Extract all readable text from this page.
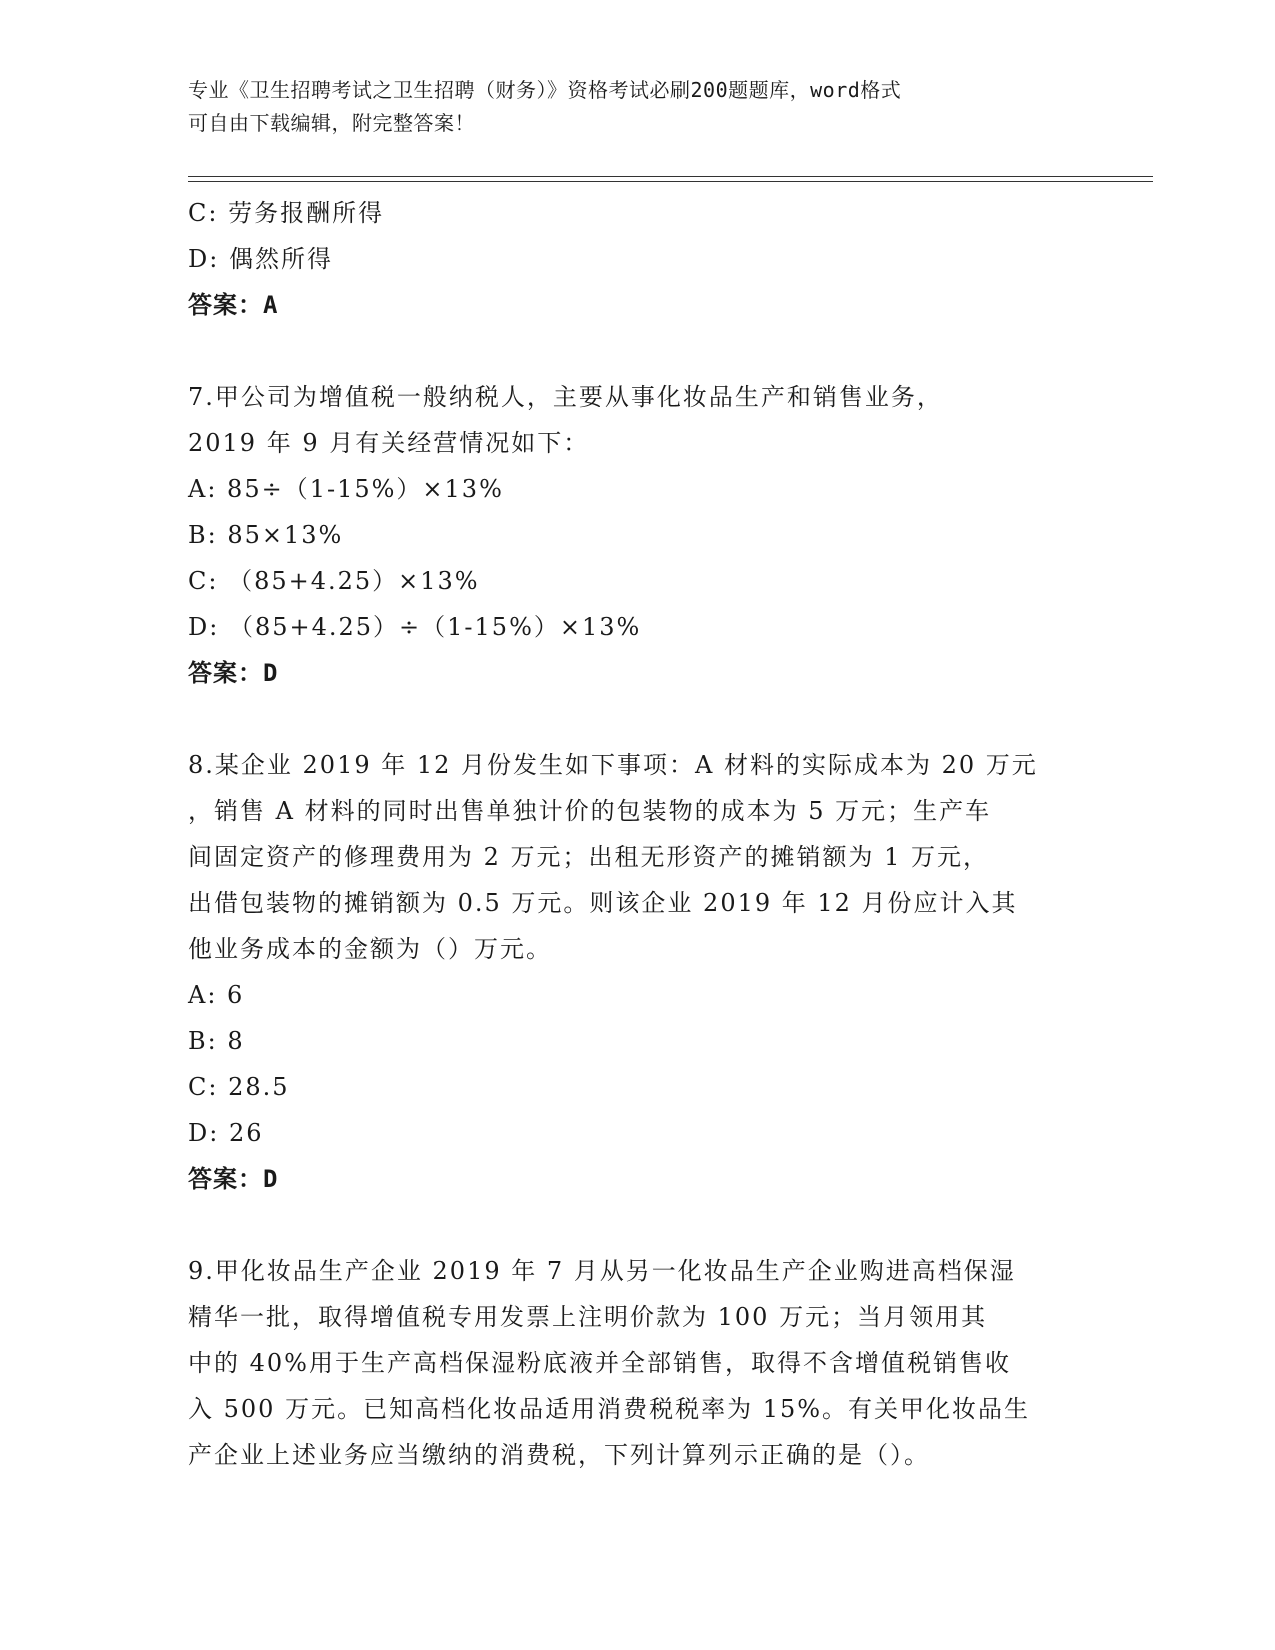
专业《卫生招聘考试之卫生招聘（财务）》资格考试必刷200题题库，word格式
可自由下载编辑，附完整答案！
C: 劳务报酬所得
D: 偶然所得
答案：A
7.甲公司为增值税一般纳税人，主要从事化妆品生产和销售业务，
2019 年 9 月有关经营情况如下：
A: 85÷（1-15%）×13%
B: 85×13%
C: （85+4.25）×13%
D: （85+4.25）÷（1-15%）×13%
答案：D
8.某企业 2019 年 12 月份发生如下事项：A 材料的实际成本为 20 万元
，销售 A 材料的同时出售单独计价的包装物的成本为 5 万元；生产车
间固定资产的修理费用为 2 万元；出租无形资产的摊销额为 1 万元，
出借包装物的摊销额为 0.5 万元。则该企业 2019 年 12 月份应计入其
他业务成本的金额为（）万元。
A: 6
B: 8
C: 28.5
D: 26
答案：D
9.甲化妆品生产企业 2019 年 7 月从另一化妆品生产企业购进高档保湿
精华一批，取得增值税专用发票上注明价款为 100 万元；当月领用其
中的 40%用于生产高档保湿粉底液并全部销售，取得不含增值税销售收
入 500 万元。已知高档化妆品适用消费税税率为 15%。有关甲化妆品生
产企业上述业务应当缴纳的消费税，下列计算列示正确的是（）。
